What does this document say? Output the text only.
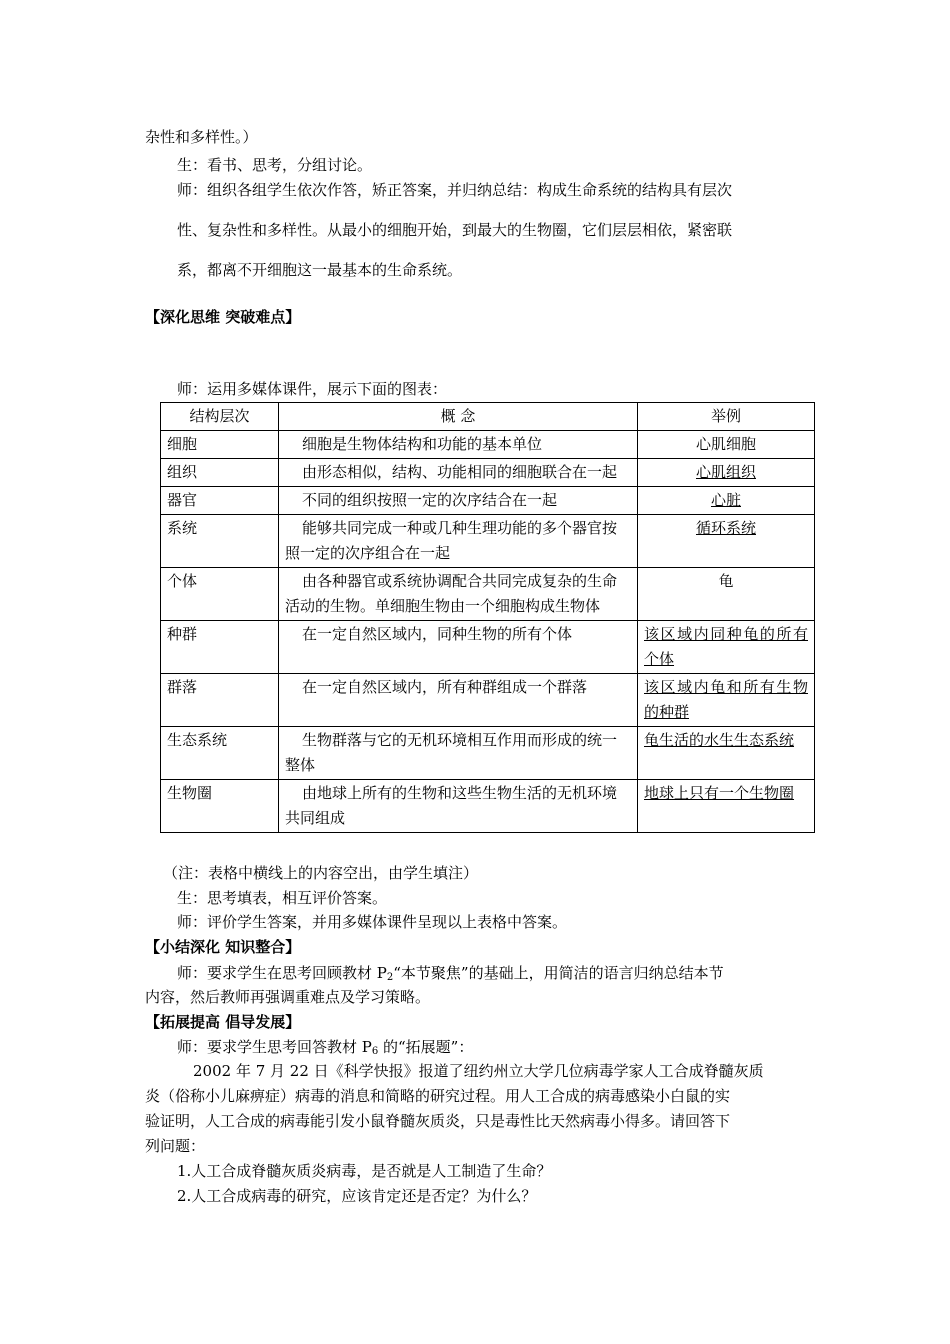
杂性和多样性。）
生：看书、思考，分组讨论。
师：组织各组学生依次作答，矫正答案，并归纳总结：构成生命系统的结构具有层次
性、复杂性和多样性。从最小的细胞开始，到最大的生物圈，它们层层相依，紧密联
系，都离不开细胞这一最基本的生命系统。
【深化思维 突破难点】
师：运用多媒体课件，展示下面的图表：
结构层次	概 念	举例
细胞	细胞是生物体结构和功能的基本单位	心肌细胞
组织	由形态相似，结构、功能相同的细胞联合在一起	心肌组织
器官	不同的组织按照一定的次序结合在一起	心脏
系统	能够共同完成一种或几种生理功能的多个器官按照一定的次序组合在一起	循环系统
个体	由各种器官或系统协调配合共同完成复杂的生命活动的生物。单细胞生物由一个细胞构成生物体	龟
种群	在一定自然区域内，同种生物的所有个体	该区域内同种龟的所有个体
群落	在一定自然区域内，所有种群组成一个群落	该区域内龟和所有生物的种群
生态系统	生物群落与它的无机环境相互作用而形成的统一整体	龟生活的水生生态系统
生物圈	由地球上所有的生物和这些生物生活的无机环境共同组成	地球上只有一个生物圈
（注：表格中横线上的内容空出，由学生填注）
生：思考填表，相互评价答案。
师：评价学生答案，并用多媒体课件呈现以上表格中答案。
【小结深化 知识整合】
师：要求学生在思考回顾教材 $P_2“$本节聚焦”的基础上，用简洁的语言归纳总结本节
内容，然后教师再强调重难点及学习策略。
【拓展提高 倡导发展】
师：要求学生思考回答教材 $P_6$ 的“拓展题”：
2002 年 7 月 22 日《科学快报》报道了纽约州立大学几位病毒学家人工合成脊髓灰质
炎（俗称小儿麻痹症）病毒的消息和简略的研究过程。用人工合成的病毒感染小白鼠的实
验证明，人工合成的病毒能引发小鼠脊髓灰质炎，只是毒性比天然病毒小得多。请回答下
列问题：
1.人工合成脊髓灰质炎病毒，是否就是人工制造了生命？
2.人工合成病毒的研究，应该肯定还是否定？为什么？
